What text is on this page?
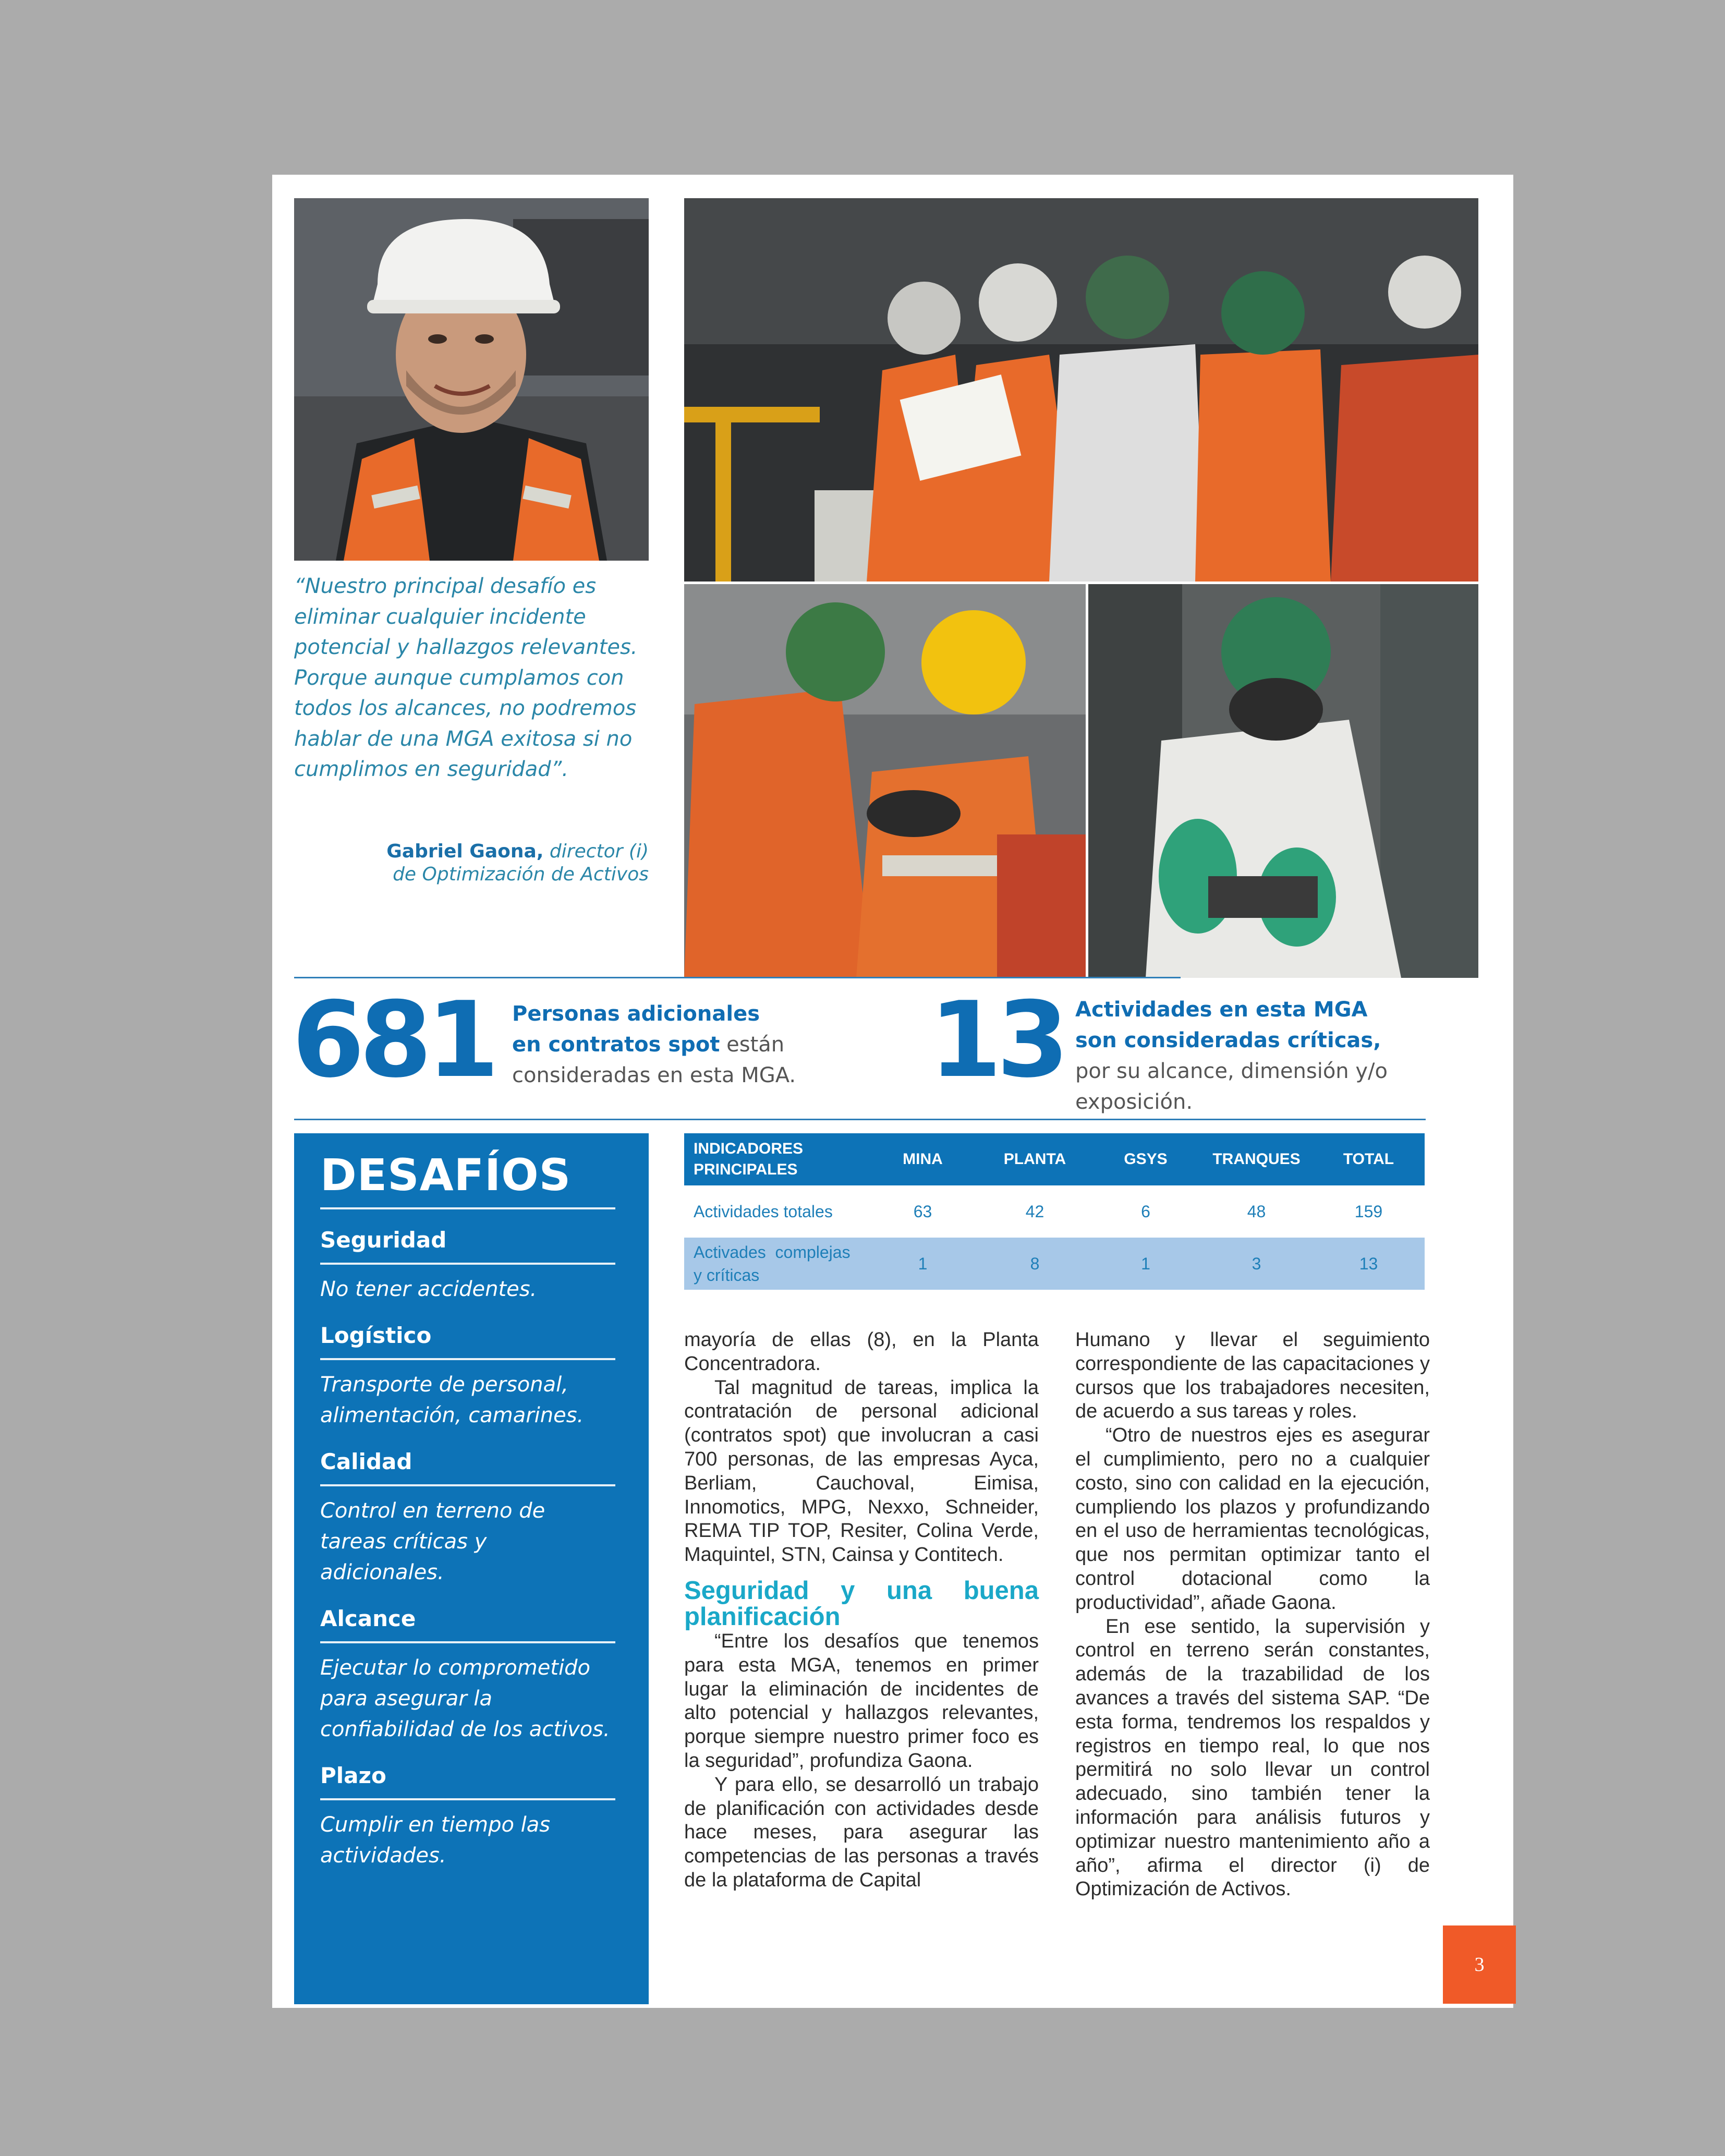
“Nuestro principal desafío es eliminar cualquier incidente potencial y hallazgos relevantes. Porque aunque cumplamos con todos los alcances, no podremos hablar de una MGA exitosa si no cumplimos en seguridad”.

Gabriel Gaona, director (i)
de Optimización de Activos
681 Personas adicionales
en contratos spot están
consideradas en esta MGA.	13 Actividades en esta MGA
son consideradas críticas,
por su alcance, dimensión y/o
exposición.
DESAFÍOS
Seguridad

No tener accidentes.

Logístico

Transporte de personal, alimentación, camarines.

Calidad

Control en terreno de tareas críticas y adicionales.

Alcance

Ejecutar lo comprometido para asegurar la confiabilidad de los activos.

Plazo

Cumplir en tiempo las actividades.

INDICADORES
PRINCIPALES	MINA	PLANTA	GSYS	TRANQUES	TOTAL
Actividades totales	63	42	6	48	159
Activades  complejas
y críticas	1	8	1	3	13

mayoría de ellas (8), en la Planta Concentradora.

Tal magnitud de tareas, implica la contratación de personal adicional (contratos spot) que involucran a casi 700 personas, de las empresas Ayca, Berliam, Cauchoval, Eimisa, Innomotics, MPG, Nexxo, Schneider, REMA TIP TOP, Resiter, Colina Verde, Maquintel, STN, Cainsa y Contitech.

Seguridad y una buena planificación

“Entre los desafíos que tenemos para esta MGA, tenemos en primer lugar la eliminación de incidentes de alto potencial y hallazgos relevantes, porque siempre nuestro primer foco es la seguridad”, profundiza Gaona.

Y para ello, se desarrolló un trabajo de planificación con actividades desde hace meses, para asegurar las competencias de las personas a través de la plataforma de Capital

Humano y llevar el seguimiento correspondiente de las capacitaciones y cursos que los trabajadores necesiten, de acuerdo a sus tareas y roles.

“Otro de nuestros ejes es asegurar el cumplimiento, pero no a cualquier costo, sino con calidad en la ejecución, cumpliendo los plazos y profundizando en el uso de herramientas tecnológicas, que nos permitan optimizar tanto el control dotacional como la productividad”, añade Gaona.

En ese sentido, la supervisión y control en terreno serán constantes, además de la trazabilidad de los avances a través del sistema SAP. “De esta forma, tendremos los respaldos y registros en tiempo real, lo que nos permitirá no solo llevar un control adecuado, sino también tener la información para análisis futuros y optimizar nuestro mantenimiento año a año”, afirma el director (i) de Optimización de Activos.

3
